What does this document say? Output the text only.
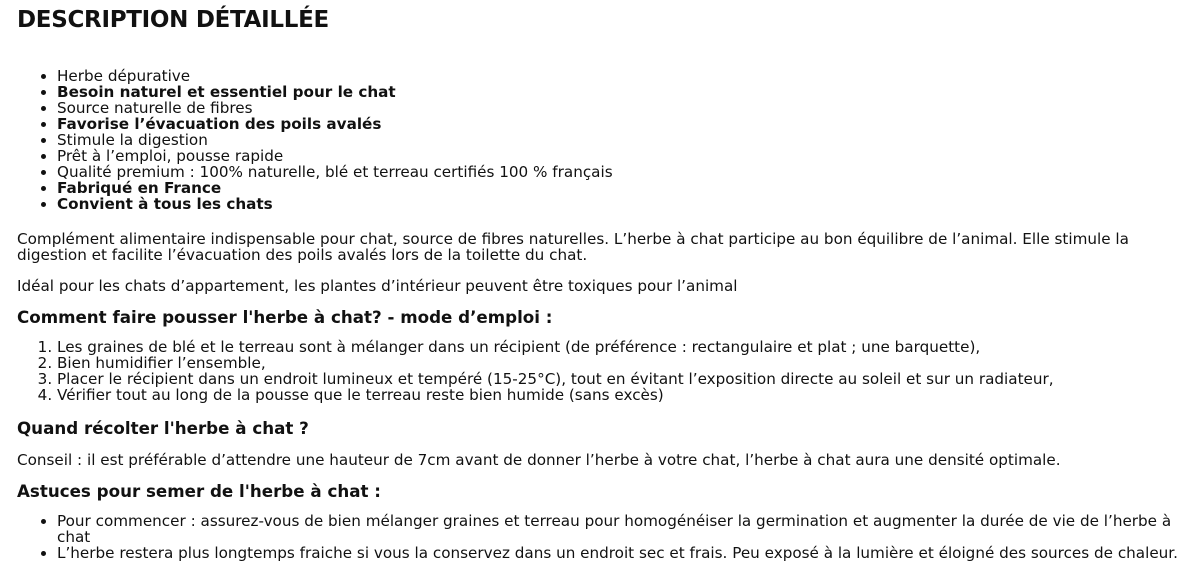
DESCRIPTION DÉTAILLÉE
• Herbe dépurative
• Besoin naturel et essentiel pour le chat
• Source naturelle de fibres
• Favorise l’évacuation des poils avalés
• Stimule la digestion
• Prêt à l’emploi, pousse rapide
• Qualité premium : 100% naturelle, blé et terreau certifiés 100 % français
• Fabriqué en France
• Convient à tous les chats

Complément alimentaire indispensable pour chat, source de fibres naturelles. L’herbe à chat participe au bon équilibre de l’animal. Elle stimule la digestion et facilite l’évacuation des poils avalés lors de la toilette du chat.

Idéal pour les chats d’appartement, les plantes d’intérieur peuvent être toxiques pour l’animal

Comment faire pousser l'herbe à chat? - mode d’emploi :
1. Les graines de blé et le terreau sont à mélanger dans un récipient (de préférence : rectangulaire et plat ; une barquette),
2. Bien humidifier l’ensemble,
3. Placer le récipient dans un endroit lumineux et tempéré (15-25°C), tout en évitant l’exposition directe au soleil et sur un radiateur,
4. Vérifier tout au long de la pousse que le terreau reste bien humide (sans excès)
Quand récolter l'herbe à chat ?

Conseil : il est préférable d’attendre une hauteur de 7cm avant de donner l’herbe à votre chat, l’herbe à chat aura une densité optimale.

Astuces pour semer de l'herbe à chat :
• Pour commencer : assurez-vous de bien mélanger graines et terreau pour homogénéiser la germination et augmenter la durée de vie de l’herbe à chat
• L’herbe restera plus longtemps fraiche si vous la conservez dans un endroit sec et frais. Peu exposé à la lumière et éloigné des sources de chaleur.
